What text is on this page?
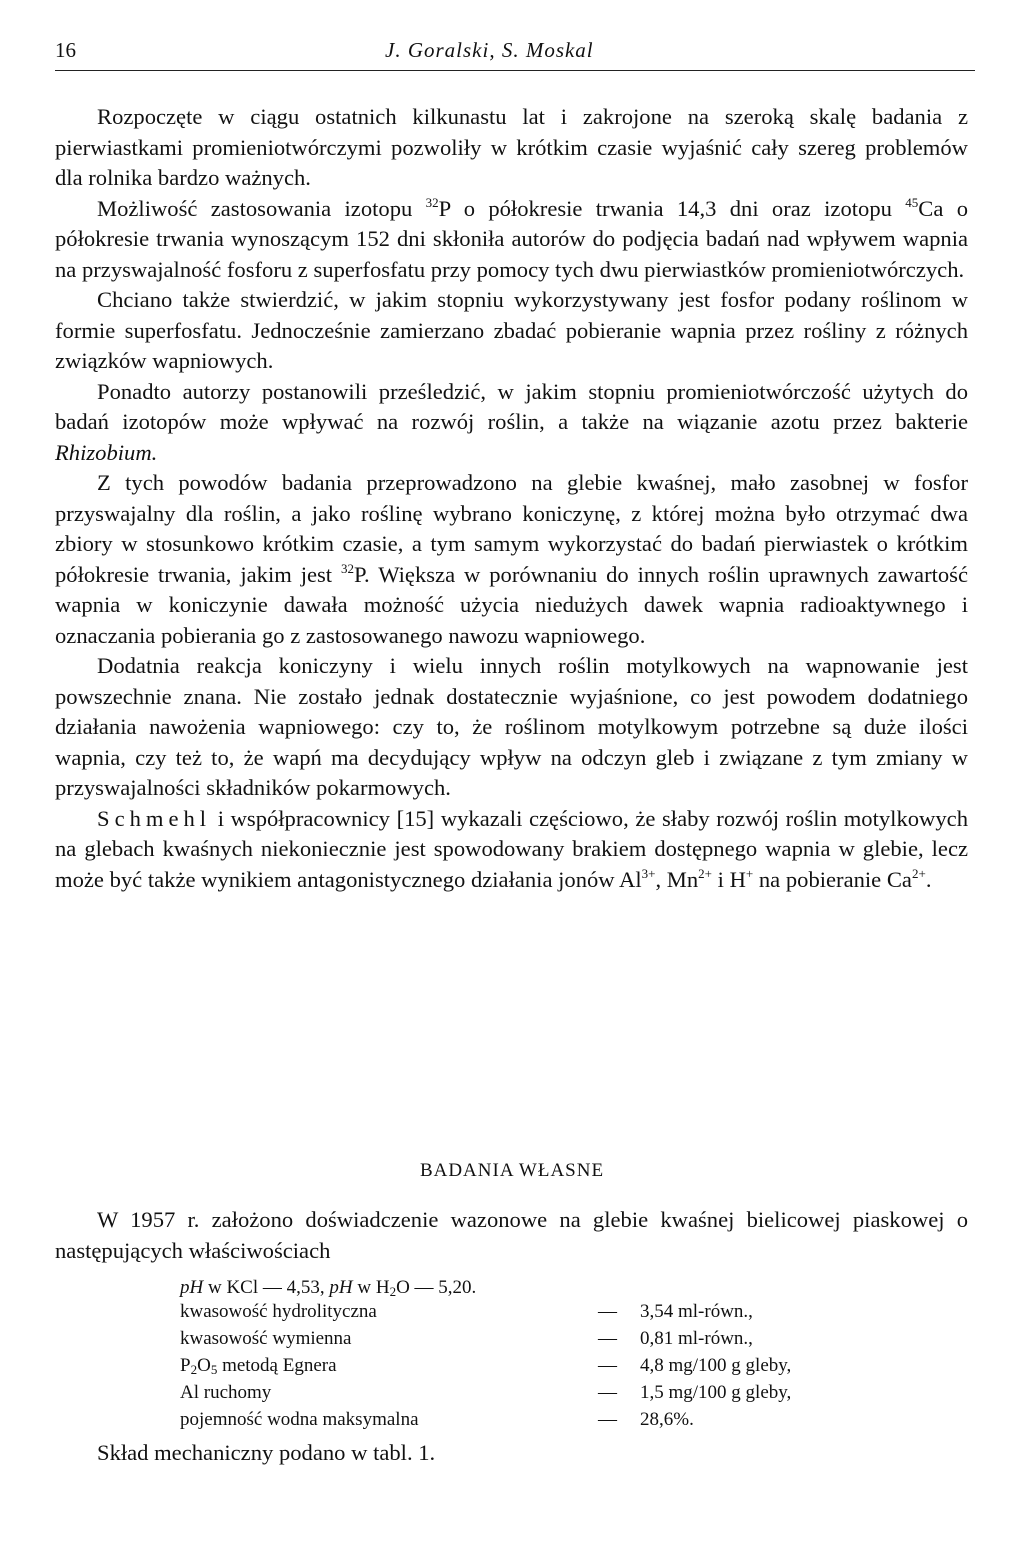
16	J. Goralski, S. Moskal

Rozpoczęte w ciągu ostatnich kilkunastu lat i zakrojone na szeroką skalę badania z pierwiastkami promieniotwórczymi pozwoliły w krótkim czasie wyjaśnić cały szereg problemów dla rolnika bardzo ważnych.

Możliwość zastosowania izotopu $^{32}$P o półokresie trwania 14,3 dni oraz izotopu $^{45}$Ca o półokresie trwania wynoszącym 152 dni skłoniła autorów do podjęcia badań nad wpływem wapnia na przyswajalność fosforu z superfosfatu przy pomocy tych dwu pierwiastków promieniotwórczych.

Chciano także stwierdzić, w jakim stopniu wykorzystywany jest fosfor podany roślinom w formie superfosfatu. Jednocześnie zamierzano zbadać pobieranie wapnia przez rośliny z różnych związków wapniowych.

Ponadto autorzy postanowili prześledzić, w jakim stopniu promieniotwórczość użytych do badań izotopów może wpływać na rozwój roślin, a także na wiązanie azotu przez bakterie Rhizobium.

Z tych powodów badania przeprowadzono na glebie kwaśnej, mało zasobnej w fosfor przyswajalny dla roślin, a jako roślinę wybrano koniczynę, z której można było otrzymać dwa zbiory w stosunkowo krótkim czasie, a tym samym wykorzystać do badań pierwiastek o krótkim półokresie trwania, jakim jest $^{32}$P. Większa w porównaniu do innych roślin uprawnych zawartość wapnia w koniczynie dawała możność użycia niedużych dawek wapnia radioaktywnego i oznaczania pobierania go z zastosowanego nawozu wapniowego.

Dodatnia reakcja koniczyny i wielu innych roślin motylkowych na wapnowanie jest powszechnie znana. Nie zostało jednak dostatecznie wyjaśnione, co jest powodem dodatniego działania nawożenia wapniowego: czy to, że roślinom motylkowym potrzebne są duże ilości wapnia, czy też to, że wapń ma decydujący wpływ na odczyn gleb i związane z tym zmiany w przyswajalności składników pokarmowych.

Schmehl i współpracownicy [15] wykazali częściowo, że słaby rozwój roślin motylkowych na glebach kwaśnych niekoniecznie jest spowodowany brakiem dostępnego wapnia w glebie, lecz może być także wynikiem antagonistycznego działania jonów $Al^{3+}$, $Mn^{2+}$ i H+ na pobieranie $Ca^{2+}$.

BADANIA WŁASNE

W 1957 r. założono doświadczenie wazonowe na glebie kwaśnej bielicowej piaskowej o następujących właściwościach

pH w KCl — 4,53, pH w $H_2O$ — 5,20.
kwasowość hydrolityczna	— 3,54 ml-równ.,
kwasowość wymienna	— 0,81 ml-równ.,
$P_2O_5$ metodą Egnera	— 4,8 mg/100 g gleby,
Al ruchomy	— 1,5 mg/100 g gleby,
pojemność wodna maksymalna	— 28,6%.
Skład mechaniczny podano w tabl. 1.
